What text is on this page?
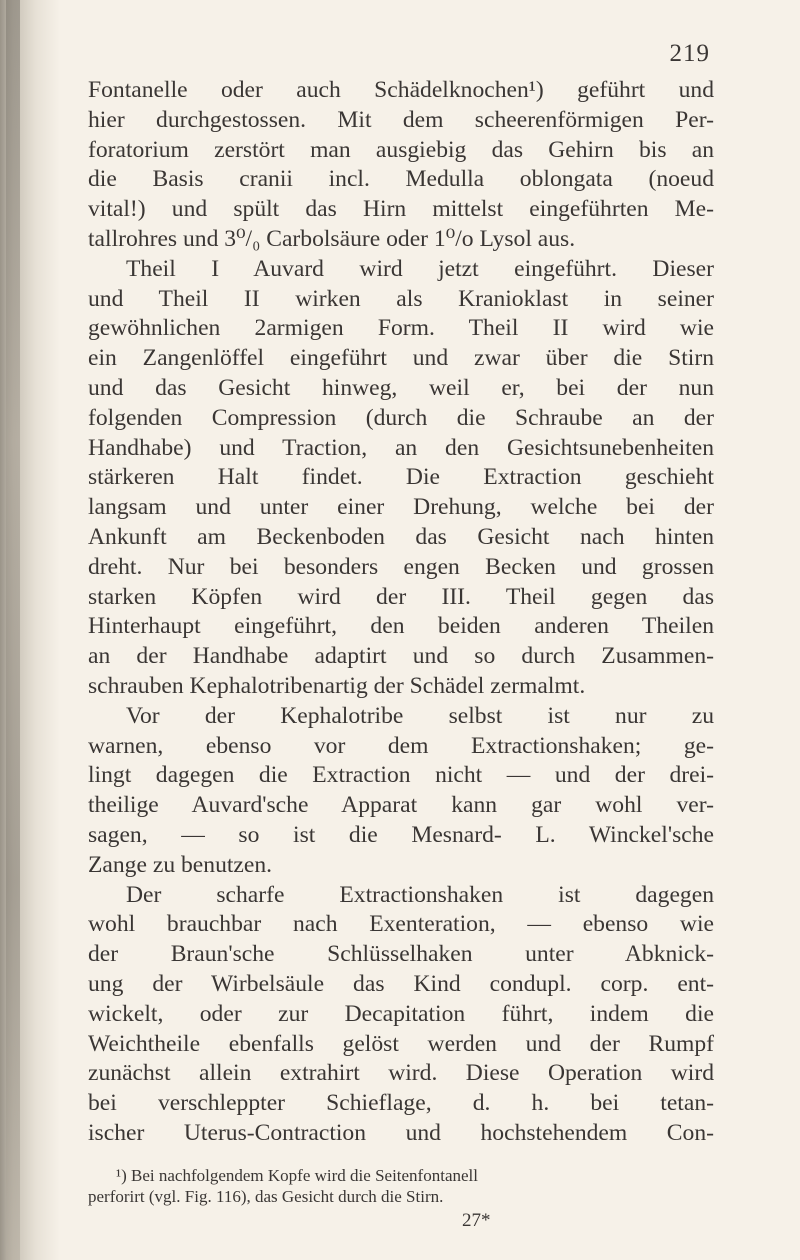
219
Fontanelle oder auch Schädelknochen¹) geführt und
hier durchgestossen. Mit dem scheerenförmigen Per-
foratorium zerstört man ausgiebig das Gehirn bis an
die Basis cranii incl. Medulla oblongata (noeud
vital!) und spült das Hirn mittelst eingeführten Me-
tallrohres und 3⁰/₀ Carbolsäure oder 1⁰/o Lysol aus.
Theil I Auvard wird jetzt eingeführt. Dieser
und Theil II wirken als Kranioklast in seiner
gewöhnlichen 2armigen Form. Theil II wird wie
ein Zangenlöffel eingeführt und zwar über die Stirn
und das Gesicht hinweg, weil er, bei der nun
folgenden Compression (durch die Schraube an der
Handhabe) und Traction, an den Gesichtsunebenheiten
stärkeren Halt findet. Die Extraction geschieht
langsam und unter einer Drehung, welche bei der
Ankunft am Beckenboden das Gesicht nach hinten
dreht. Nur bei besonders engen Becken und grossen
starken Köpfen wird der III. Theil gegen das
Hinterhaupt eingeführt, den beiden anderen Theilen
an der Handhabe adaptirt und so durch Zusammen-
schrauben Kephalotribenartig der Schädel zermalmt.
Vor der Kephalotribe selbst ist nur zu
warnen, ebenso vor dem Extractionshaken; ge-
lingt dagegen die Extraction nicht — und der drei-
theilige Auvard'sche Apparat kann gar wohl ver-
sagen, — so ist die Mesnard- L. Winckel'sche
Zange zu benutzen.
Der scharfe Extractionshaken ist dagegen
wohl brauchbar nach Exenteration, — ebenso wie
der Braun'sche Schlüsselhaken unter Abknick-
ung der Wirbelsäule das Kind condupl. corp. ent-
wickelt, oder zur Decapitation führt, indem die
Weichtheile ebenfalls gelöst werden und der Rumpf
zunächst allein extrahirt wird. Diese Operation wird
bei verschleppter Schieflage, d. h. bei tetan-
ischer Uterus-Contraction und hochstehendem Con-
¹) Bei nachfolgendem Kopfe wird die Seitenfontanell
perforirt (vgl. Fig. 116), das Gesicht durch die Stirn.
27*
